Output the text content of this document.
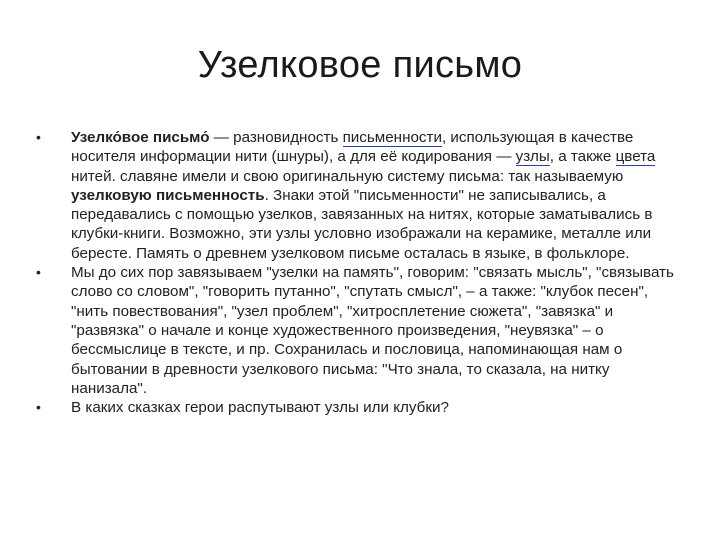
Узелковое письмо
•	Узелко́вое письмо́ — разновидность письменности, использующая в качестве носителя информации нити (шнуры), а для её кодирования — узлы, а также цвета нитей. славяне имели и свою оригинальную систему письма: так называемую узелковую письменность. Знаки этой "письменности" не записывались, а передавались с помощью узелков, завязанных на нитях, которые заматывались в клубки-книги. Возможно, эти узлы условно изображали на керамике, металле или бересте. Память о древнем узелковом письме осталась в языке, в фольклоре.
•	Мы до сих пор завязываем "узелки на память", говорим: "связать мысль", "связывать слово со словом", "говорить путанно", "спутать смысл", – а также: "клубок песен", "нить повествования", "узел проблем", "хитросплетение сюжета", "завязка" и "развязка" о начале и конце художественного произведения, "неувязка" – о бессмыслице в тексте, и пр. Сохранилась и пословица, напоминающая нам о бытовании в древности узелкового письма: "Что знала, то сказала, на нитку нанизала".
•	В каких сказках герои распутывают узлы или клубки?
